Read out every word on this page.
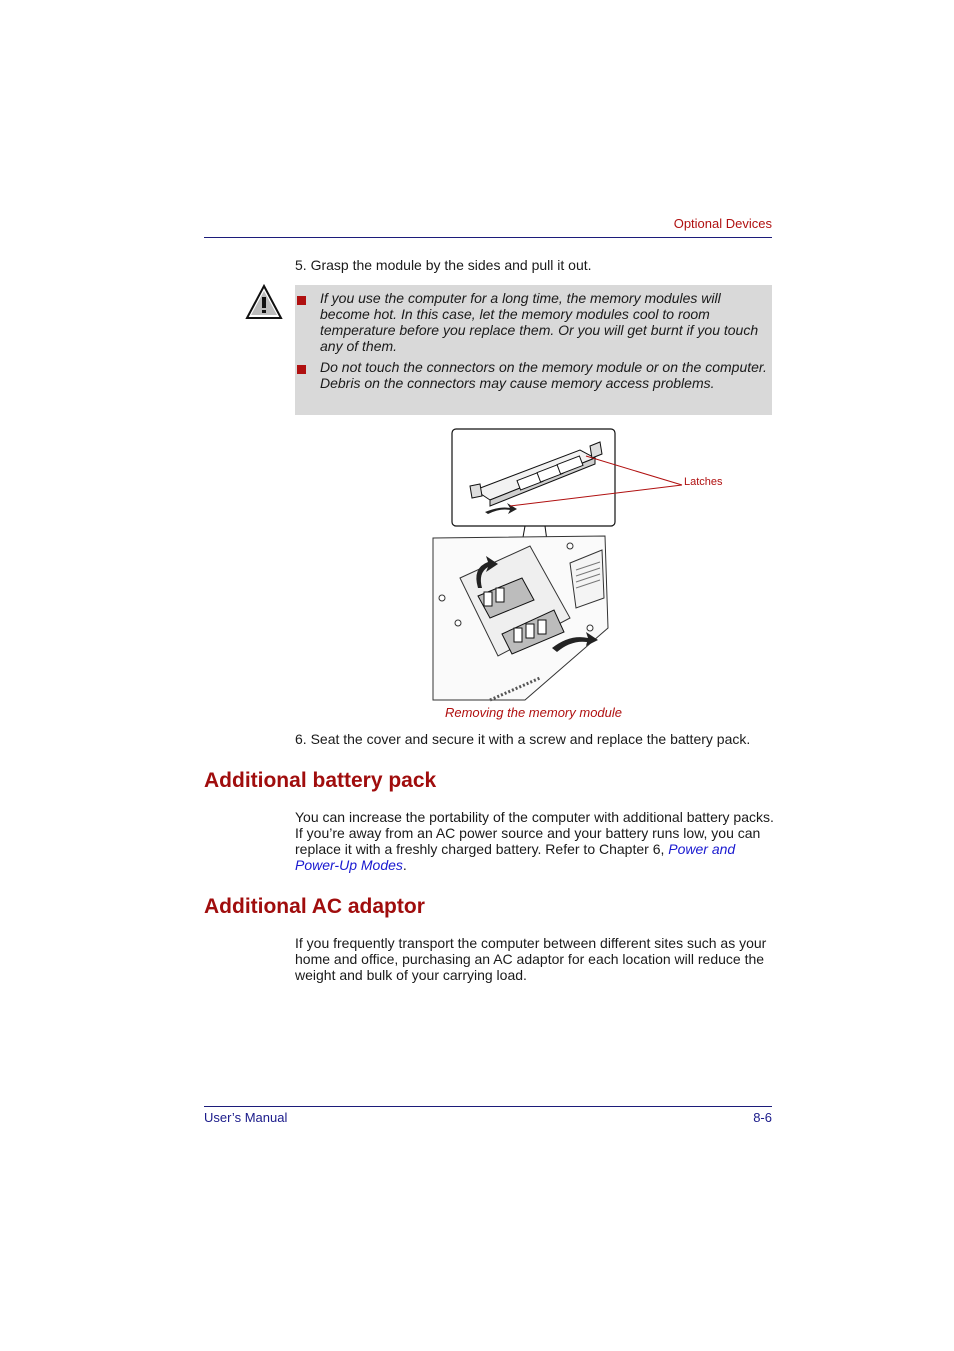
Optional Devices
5. Grasp the module by the sides and pull it out.
If you use the computer for a long time, the memory modules will become hot. In this case, let the memory modules cool to room temperature before you replace them. Or you will get burnt if you touch any of them.
Do not touch the connectors on the memory module or on the computer. Debris on the connectors may cause memory access problems.
Latches
Removing the memory module
6. Seat the cover and secure it with a screw and replace the battery pack.
Additional battery pack
You can increase the portability of the computer with additional battery packs. If you’re away from an AC power source and your battery runs low, you can replace it with a freshly charged battery. Refer to Chapter 6, Power and Power-Up Modes.
Additional AC adaptor
If you frequently transport the computer between different sites such as your home and office, purchasing an AC adaptor for each location will reduce the weight and bulk of your carrying load.
User’s Manual	8-6
